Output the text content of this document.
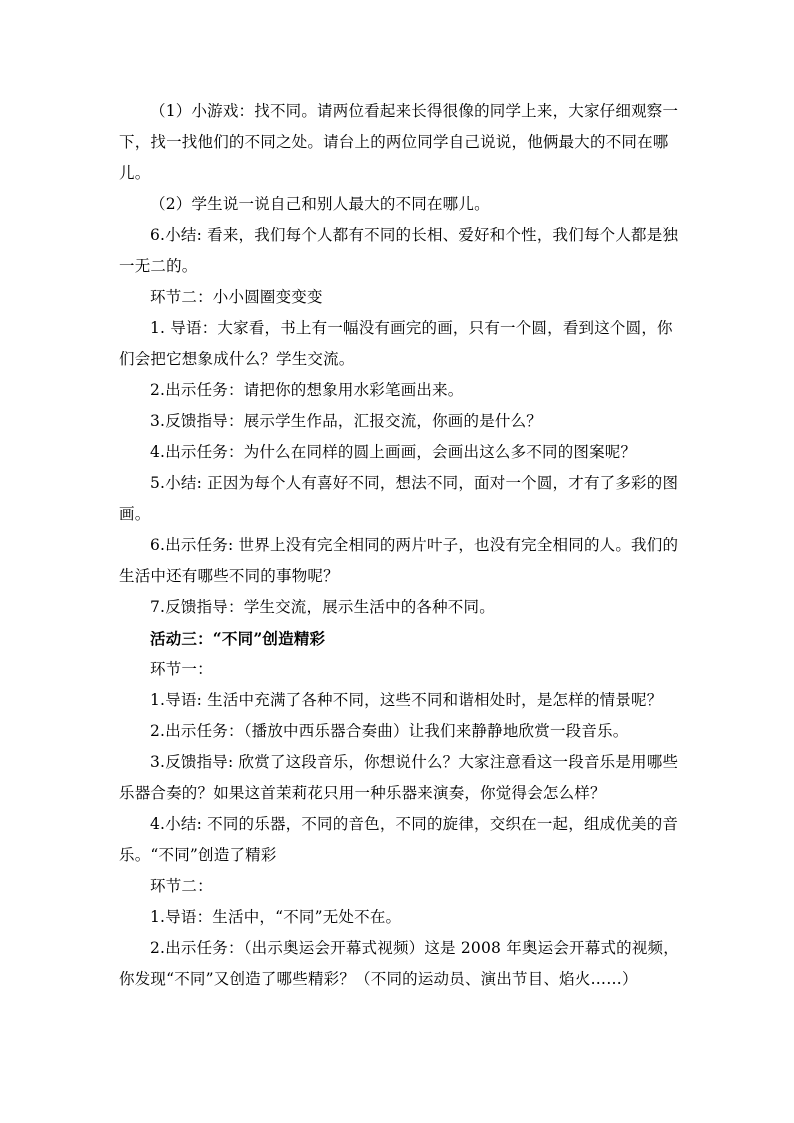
（1）小游戏：找不同。请两位看起来长得很像的同学上来，大家仔细观察一下，找一找他们的不同之处。请台上的两位同学自己说说，他俩最大的不同在哪儿。

（2）学生说一说自己和别人最大的不同在哪儿。

6.小结: 看来，我们每个人都有不同的长相、爱好和个性，我们每个人都是独一无二的。

环节二：小小圆圈变变变

1. 导语：大家看，书上有一幅没有画完的画，只有一个圆，看到这个圆，你们会把它想象成什么？学生交流。

2.出示任务：请把你的想象用水彩笔画出来。

3.反馈指导：展示学生作品，汇报交流，你画的是什么？

4.出示任务：为什么在同样的圆上画画，会画出这么多不同的图案呢？

5.小结: 正因为每个人有喜好不同，想法不同，面对一个圆，才有了多彩的图画。

6.出示任务: 世界上没有完全相同的两片叶子，也没有完全相同的人。我们的生活中还有哪些不同的事物呢？

7.反馈指导：学生交流，展示生活中的各种不同。

活动三：“不同”创造精彩

环节一：

1.导语: 生活中充满了各种不同，这些不同和谐相处时，是怎样的情景呢？

2.出示任务：（播放中西乐器合奏曲）让我们来静静地欣赏一段音乐。

3.反馈指导: 欣赏了这段音乐，你想说什么？大家注意看这一段音乐是用哪些乐器合奏的？如果这首茉莉花只用一种乐器来演奏，你觉得会怎么样？

4.小结: 不同的乐器，不同的音色，不同的旋律，交织在一起，组成优美的音乐。“不同”创造了精彩

环节二：

1.导语：生活中，“不同”无处不在。

2.出示任务：（出示奥运会开幕式视频）这是 2008 年奥运会开幕式的视频，你发现“不同”又创造了哪些精彩？（不同的运动员、演出节目、焰火……）
